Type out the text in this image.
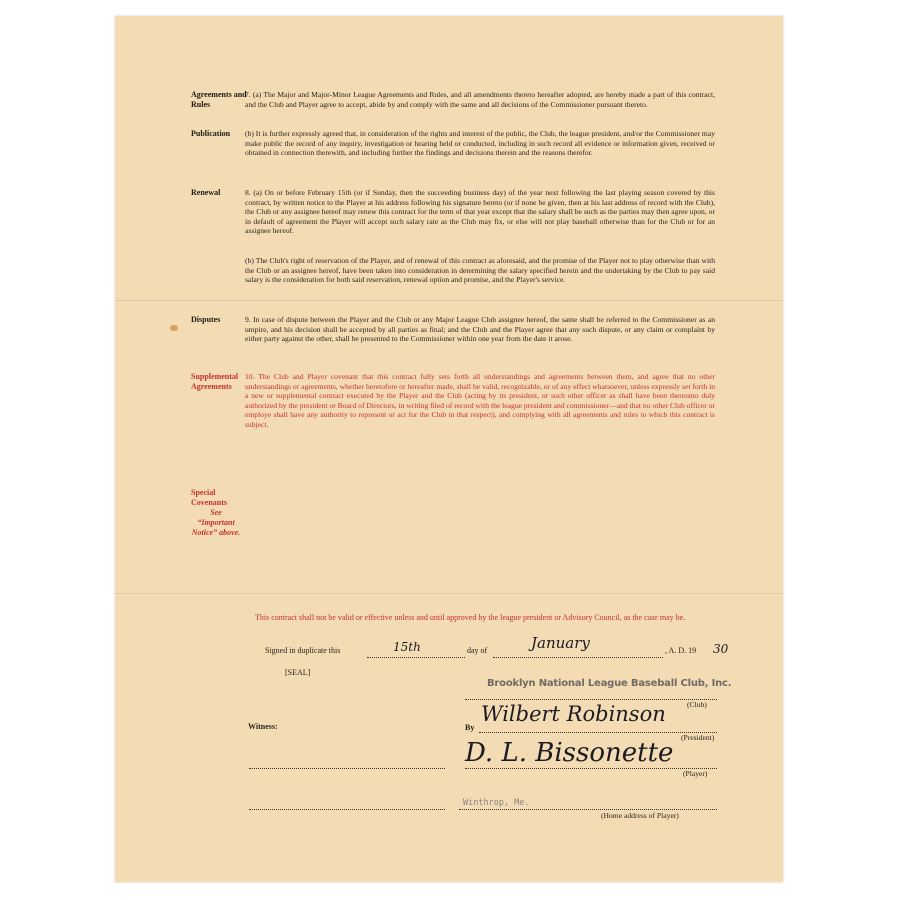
Agreements and Rules
7. (a) The Major and Major-Minor League Agreements and Rules, and all amendments thereto hereafter adopted, are hereby made a part of this contract, and the Club and Player agree to accept, abide by and comply with the same and all decisions of the Commissioner pursuant thereto.
Publication	(b) It is further expressly agreed that, in consideration of the rights and interest of the public, the Club, the league president, and/or the Commissioner may make public the record of any inquiry, investigation or hearing held or conducted, including in such record all evidence or information given, received or obtained in connection therewith, and including further the findings and decisions therein and the reasons therefor.
Renewal	8. (a) On or before February 15th (or if Sunday, then the succeeding business day) of the year next following the last playing season covered by this contract, by written notice to the Player at his address following his signature hereto (or if none be given, then at his last address of record with the Club), the Club or any assignee hereof may renew this contract for the term of that year except that the salary shall be such as the parties may then agree upon, or in default of agreement the Player will accept such salary rate as the Club may fix, or else will not play baseball otherwise than for the Club or for an assignee hereof.
(b) The Club's right of reservation of the Player, and of renewal of this contract as aforesaid, and the promise of the Player not to play otherwise than with the Club or an assignee hereof, have been taken into consideration in determining the salary specified herein and the undertaking by the Club to pay said salary is the consideration for both said reservation, renewal option and promise, and the Player's service.
Disputes	9. In case of dispute between the Player and the Club or any Major League Club assignee hereof, the same shall be referred to the Commissioner as an umpire, and his decision shall be accepted by all parties as final; and the Club and the Player agree that any such dispute, or any claim or complaint by either party against the other, shall be presented to the Commissioner within one year from the date it arose.
Supplemental Agreements
10. The Club and Player covenant that this contract fully sets forth all understandings and agreements between them, and agree that no other understandings or agreements, whether heretofore or hereafter made, shall be valid, recognizable, or of any effect whatsoever, unless expressly set forth in a new or supplemental contract executed by the Player and the Club (acting by its president, or such other officer as shall have been thereunto duly authorized by the president or Board of Directors, in writing filed of record with the league president and commissioner—and that no other Club officer or employe shall have any authority to represent or act for the Club in that respect), and complying with all agreements and rules to which this contract is subject.
Special Covenants
See “Important Notice” above.
This contract shall not be valid or effective unless and until approved by the league president or Advisory Council, as the case may be.
Signed in duplicate this	15th	day of	January	, A. D. 19 30
[SEAL]
Brooklyn National League Baseball Club, Inc.
(Club)
Witness:	By
Wilbert Robinson
(President)
D. L. Bissonette
(Player)
Winthrop, Me.
(Home address of Player)
